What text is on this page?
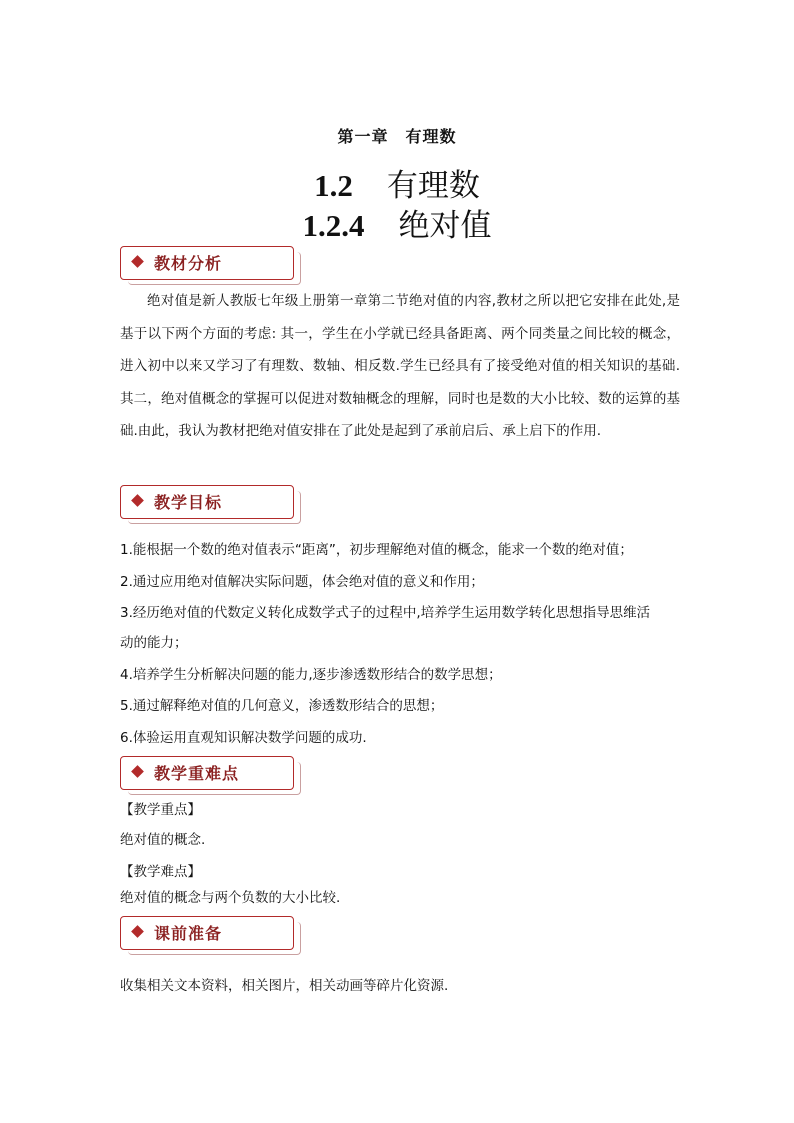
第一章　有理数
1.2 有理数
1.2.4 绝对值
教材分析

绝对值是新人教版七年级上册第一章第二节绝对值的内容,教材之所以把它安排在此处,是基于以下两个方面的考虑: 其一，学生在小学就已经具备距离、两个同类量之间比较的概念，进入初中以来又学习了有理数、数轴、相反数.学生已经具有了接受绝对值的相关知识的基础.其二，绝对值概念的掌握可以促进对数轴概念的理解，同时也是数的大小比较、数的运算的基础.由此，我认为教材把绝对值安排在了此处是起到了承前启后、承上启下的作用.

教学目标
1.能根据一个数的绝对值表示“距离”，初步理解绝对值的概念，能求一个数的绝对值；
2.通过应用绝对值解决实际问题，体会绝对值的意义和作用；
3.经历绝对值的代数定义转化成数学式子的过程中,培养学生运用数学转化思想指导思维活
动的能力；
4.培养学生分析解决问题的能力,逐步渗透数形结合的数学思想；
5.通过解释绝对值的几何意义，渗透数形结合的思想；
6.体验运用直观知识解决数学问题的成功.
教学重难点
【教学重点】
绝对值的概念.
【教学难点】
绝对值的概念与两个负数的大小比较.
课前准备
收集相关文本资料，相关图片，相关动画等碎片化资源.
